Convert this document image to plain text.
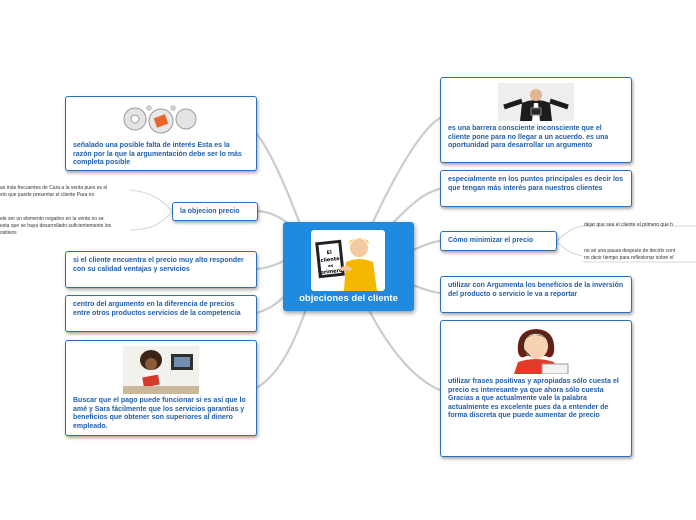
El
cliente
es
primero
objeciones del cliente
señalado una posible falta de interés Esta es la razón por la que la argumentación debe ser lo más completa posible
la objecion precio
as más frecuentes de Cara a la venta pues es el
xto que puede presentar el cliente Para no
ele ser un elemento negativo en la venta no se
esta que se haya desarrollado suficientemente los
ositivos
si el cliente encuentra el precio muy alto responder con su calidad ventajas y servicios
centro del argumento en la diferencia de precios entre otros productos servicios de la competencia
Buscar que el pago puede funcionar si es así que lo amé y Sara fácilmente que los servicios garantías y beneficios que obtener son superiores al dinero empleado.
es una barrera consciente inconsciente que el cliente pone para no llegar a un acuerdo. es una oportunidad para desarrollar un argumento
especialmente en los puntos principales es decir los que tengan más interés para nuestros clientes
Cómo minimizar el precio
dejar que sea el cliente el primero que h
no sé una pausa después de decirlo cont
no decir tiempo para reflexionar sobre el
utilizar con Argumenta los beneficios de la inversión del producto o servicio le va a reportar
utilizar frases positivas y apropiadas sólo cuesta el precio es interesante ya que ahora sólo cuesta Gracias a que actualmente vale la palabra actualmente es excelente pues da a entender de forma discreta que puede aumentar de precio
